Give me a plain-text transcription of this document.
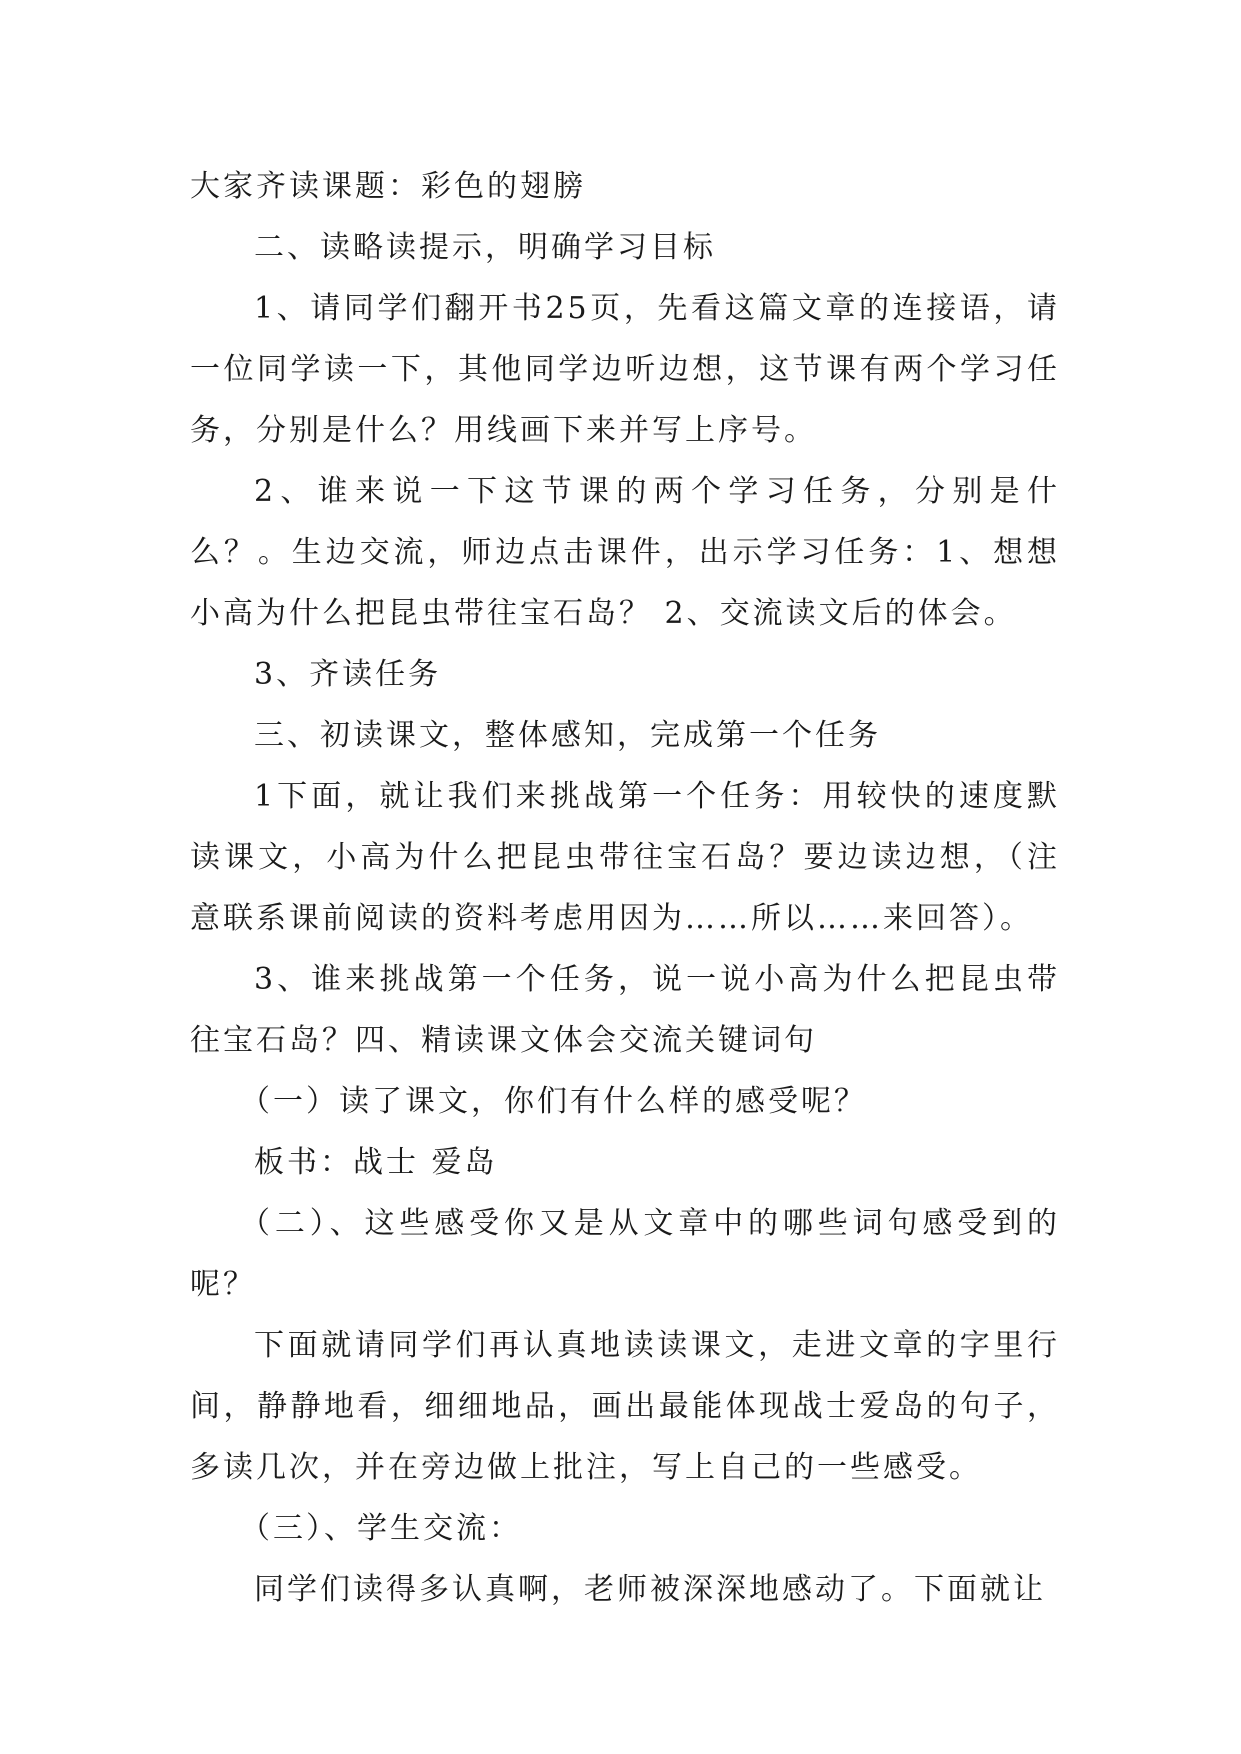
大家齐读课题：彩色的翅膀

二、读略读提示，明确学习目标

1、请同学们翻开书25页，先看这篇文章的连接语，请一位同学读一下，其他同学边听边想，这节课有两个学习任务，分别是什么？用线画下来并写上序号。

2、谁来说一下这节课的两个学习任务，分别是什么？。生边交流，师边点击课件，出示学习任务：1、想想小高为什么把昆虫带往宝石岛？ 2、交流读文后的体会。

3、齐读任务

三、初读课文，整体感知，完成第一个任务

1下面，就让我们来挑战第一个任务：用较快的速度默读课文，小高为什么把昆虫带往宝石岛？要边读边想，（注意联系课前阅读的资料考虑用因为……所以……来回答）。

3、谁来挑战第一个任务，说一说小高为什么把昆虫带往宝石岛？四、精读课文体会交流关键词句

（一）读了课文，你们有什么样的感受呢？

板书：战士 爱岛

（二）、这些感受你又是从文章中的哪些词句感受到的呢？

下面就请同学们再认真地读读课文，走进文章的字里行间，静静地看，细细地品，画出最能体现战士爱岛的句子，多读几次，并在旁边做上批注，写上自己的一些感受。

（三）、学生交流：

同学们读得多认真啊，老师被深深地感动了。下面就让
